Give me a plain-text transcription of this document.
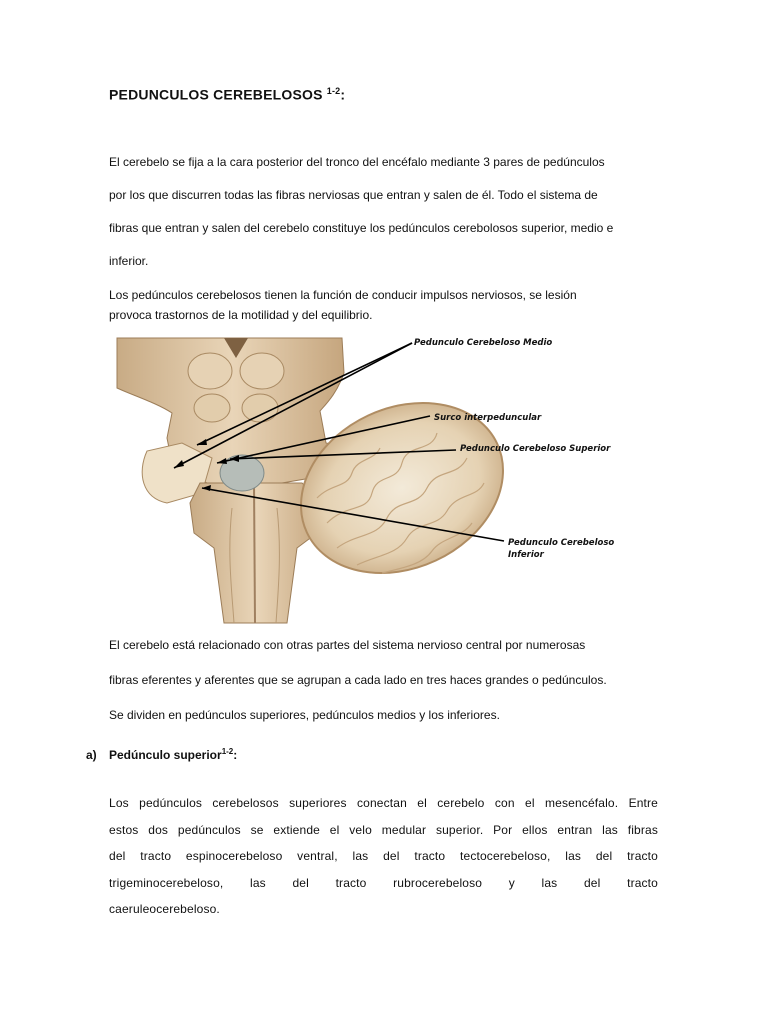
PEDUNCULOS CEREBELOSOS $^{1-2}$:
El cerebelo se fija a la cara posterior del tronco del encéfalo mediante 3 pares de pedúnculos
por los que discurren todas las fibras nerviosas que entran y salen de él. Todo el sistema de
fibras que entran y salen del cerebelo constituye los pedúnculos cerebolosos superior, medio e
inferior.
Los pedúnculos cerebelosos tienen la función de conducir impulsos nerviosos, se lesión
provoca trastornos de la motilidad y del equilibrio.
Pedunculo Cerebeloso Medio
Surco interpeduncular
Pedunculo Cerebeloso Superior
Pedunculo Cerebeloso
Inferior
El cerebelo está relacionado con otras partes del sistema nervioso central por numerosas
fibras eferentes y aferentes que se agrupan a cada lado en tres haces grandes o pedúnculos.
Se dividen en pedúnculos superiores, pedúnculos medios y los inferiores.
a) Pedúnculo superior$^{1-2}$:
Los pedúnculos cerebelosos superiores conectan el cerebelo con el mesencéfalo. Entre
estos dos pedúnculos se extiende el velo medular superior. Por ellos entran las fibras
del tracto espinocerebeloso ventral, las del tracto tectocerebeloso, las del tracto
trigeminocerebeloso, las del tracto rubrocerebeloso y las del tracto
caeruleocerebeloso.
